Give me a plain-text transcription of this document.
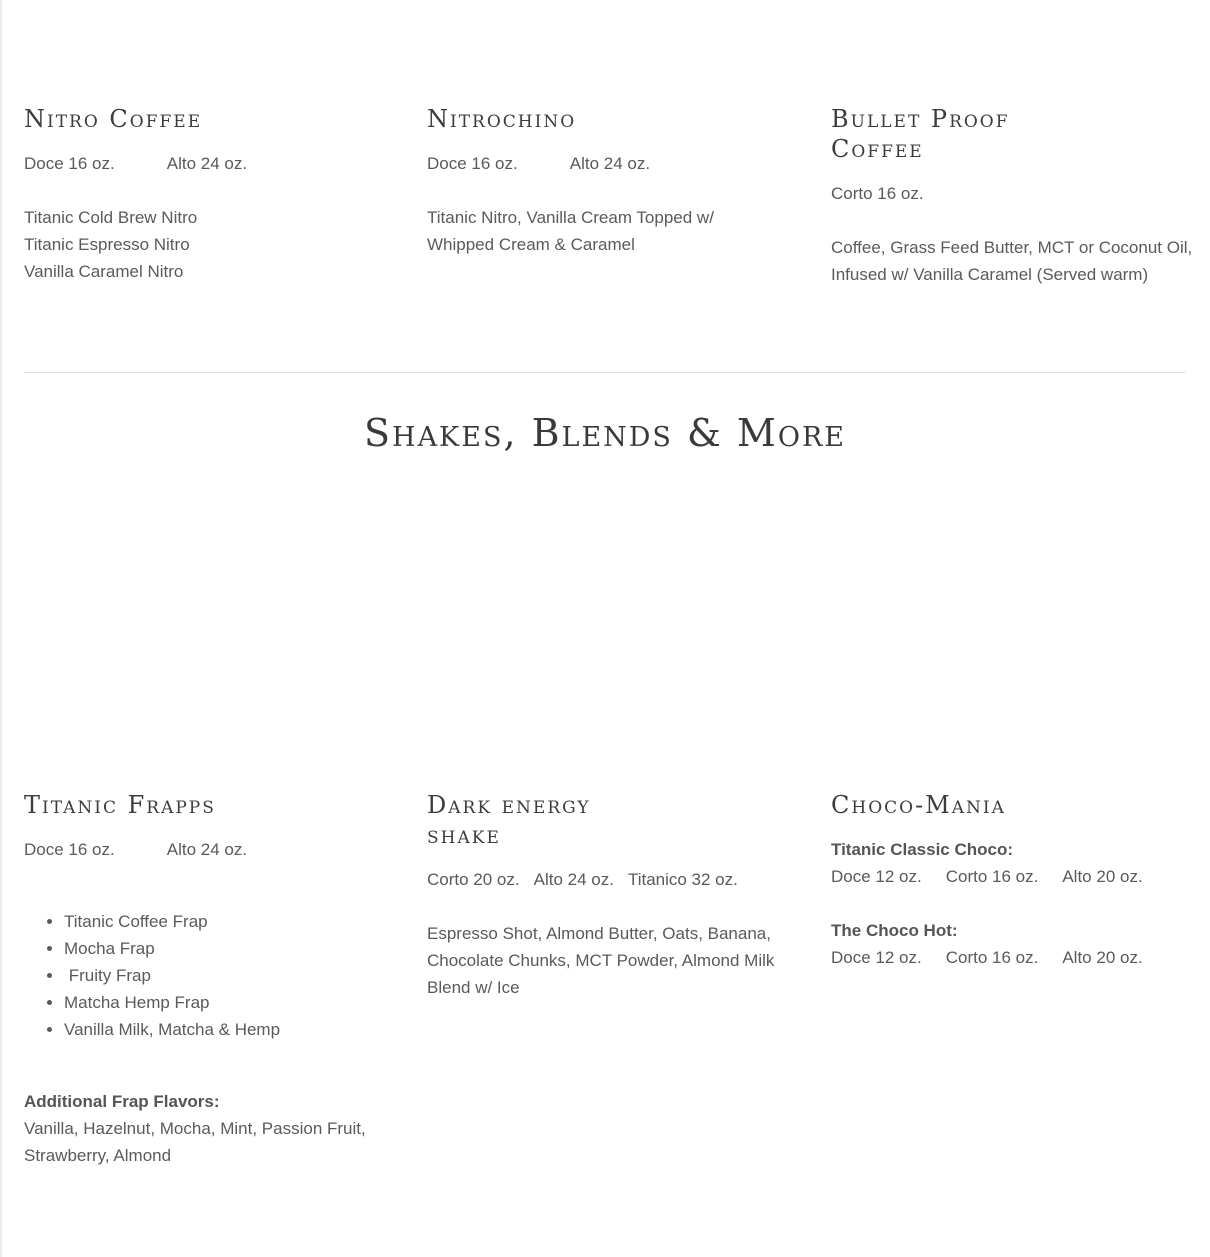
Nitro Coffee
Doce 16 oz.	Alto 24 oz.
Titanic Cold Brew Nitro
Titanic Espresso Nitro
Vanilla Caramel Nitro
Nitrochino
Doce 16 oz.	Alto 24 oz.
Titanic Nitro, Vanilla Cream Topped w/
Whipped Cream & Caramel
Bullet Proof
Coffee
Corto 16 oz.
Coffee, Grass Feed Butter, MCT or Coconut Oil,
Infused w/ Vanilla Caramel (Served warm)
Shakes, Blends & More
Titanic Frapps
Doce 16 oz.	Alto 24 oz.
• Titanic Coffee Frap
• Mocha Frap
•  Fruity Frap
• Matcha Hemp Frap
• Vanilla Milk, Matcha & Hemp
Additional Frap Flavors:
Vanilla, Hazelnut, Mocha, Mint, Passion Fruit,
Strawberry, Almond
Dark energy
shake
Corto 20 oz. Alto 24 oz. Titanico 32 oz.
Espresso Shot, Almond Butter, Oats, Banana,
Chocolate Chunks, MCT Powder, Almond Milk
Blend w/ Ice
Choco-Mania
Titanic Classic Choco:
Doce 12 oz. Corto 16 oz. Alto 20 oz.
The Choco Hot:
Doce 12 oz. Corto 16 oz. Alto 20 oz.
